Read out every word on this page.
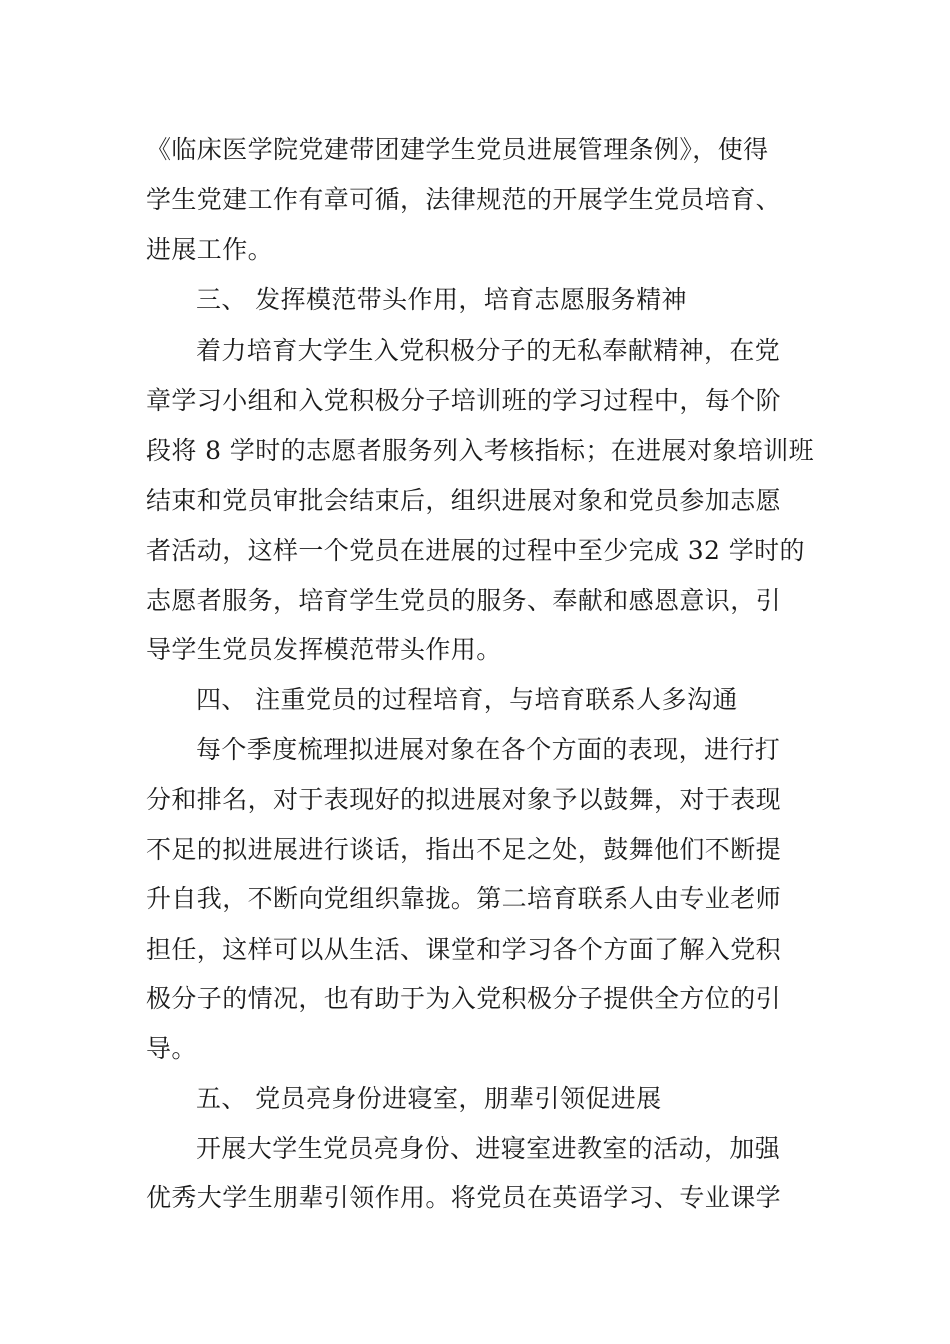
《临床医学院党建带团建学生党员进展管理条例》，使得
学生党建工作有章可循，法律规范的开展学生党员培育、
进展工作。
三、 发挥模范带头作用，培育志愿服务精神
着力培育大学生入党积极分子的无私奉献精神，在党
章学习小组和入党积极分子培训班的学习过程中，每个阶
段将 8 学时的志愿者服务列入考核指标；在进展对象培训班
结束和党员审批会结束后，组织进展对象和党员参加志愿
者活动，这样一个党员在进展的过程中至少完成 32 学时的
志愿者服务，培育学生党员的服务、奉献和感恩意识，引
导学生党员发挥模范带头作用。
四、 注重党员的过程培育，与培育联系人多沟通
每个季度梳理拟进展对象在各个方面的表现，进行打
分和排名，对于表现好的拟进展对象予以鼓舞，对于表现
不足的拟进展进行谈话，指出不足之处，鼓舞他们不断提
升自我，不断向党组织靠拢。第二培育联系人由专业老师
担任，这样可以从生活、课堂和学习各个方面了解入党积
极分子的情况，也有助于为入党积极分子提供全方位的引
导。
五、 党员亮身份进寝室，朋辈引领促进展
开展大学生党员亮身份、进寝室进教室的活动，加强
优秀大学生朋辈引领作用。将党员在英语学习、专业课学
